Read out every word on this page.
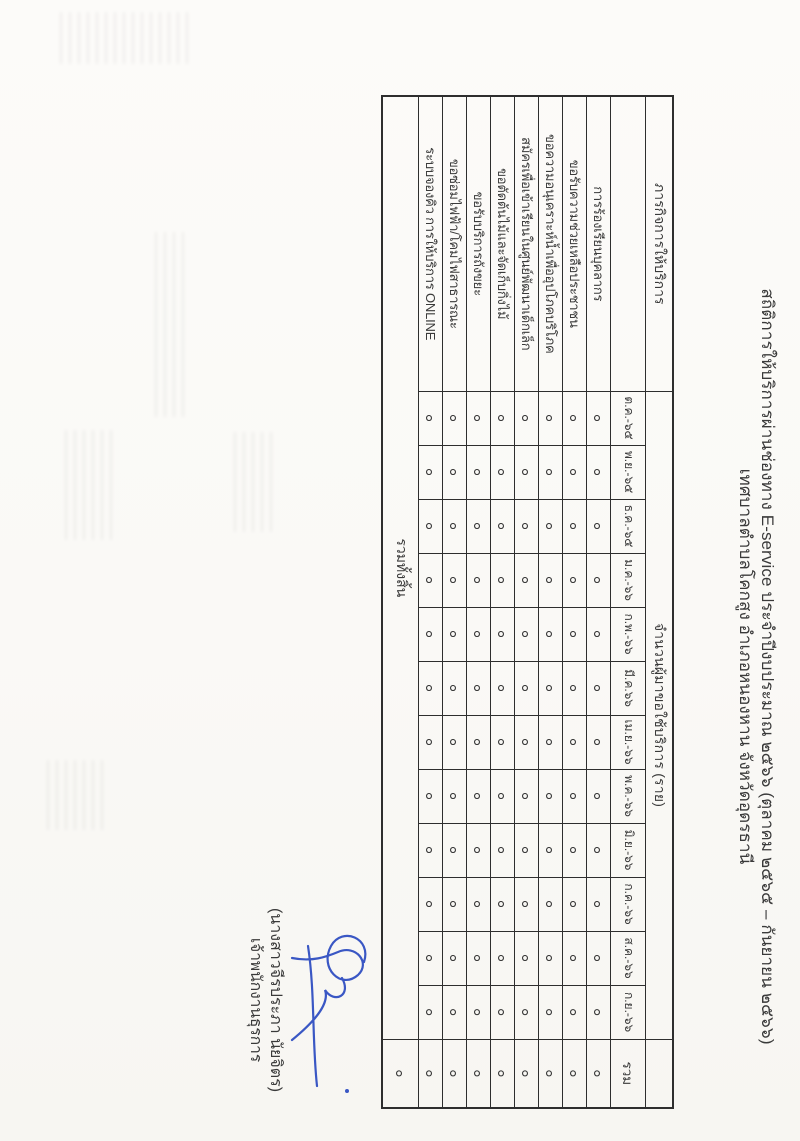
สถิติการให้บริการผ่านช่องทาง E-service ประจำปีงบประมาณ ๒๕๖๖ (ตุลาคม ๒๕๖๕ – กันยายน ๒๕๖๖)
เทศบาลตำบลโคกสูง อำเภอหนองหาน จังหวัดอุดรธานี
ภารกิจการให้บริการ	จำนวนผู้มาขอใช้บริการ (ราย)												
	ต.ค.-๖๕	พ.ย.-๖๕	ธ.ค.-๖๕	ม.ค.-๖๖	ก.พ.-๖๖	มี.ค.๖๖	เม.ย.-๖๖	พ.ค.-๖๖	มิ.ย.-๖๖	ก.ค.-๖๖	ส.ค.-๖๖	ก.ย.-๖๖	รวม
การร้องเรียนบุคลากร	๐	๐	๐	๐	๐	๐	๐	๐	๐	๐	๐	๐	๐
ขอรับความช่วยเหลือประชาชน	๐	๐	๐	๐	๐	๐	๐	๐	๐	๐	๐	๐	๐
ขอความอนุเคราะห์น้ำเพื่ออุปโภคบริโภค	๐	๐	๐	๐	๐	๐	๐	๐	๐	๐	๐	๐	๐
สมัครเพื่อเข้าเรียนในศูนย์พัฒนาเด็กเล็ก	๐	๐	๐	๐	๐	๐	๐	๐	๐	๐	๐	๐	๐
ขอตัดต้นไม้และจัดเก็บกิ่งไม้	๐	๐	๐	๐	๐	๐	๐	๐	๐	๐	๐	๐	๐
ขอรับบริการถังขยะ	๐	๐	๐	๐	๐	๐	๐	๐	๐	๐	๐	๐	๐
ขอซ่อมไฟฟ้า/โคมไฟสาธารณะ	๐	๐	๐	๐	๐	๐	๐	๐	๐	๐	๐	๐	๐
ระบบจองคิว การให้บริการ ONLINE	๐	๐	๐	๐	๐	๐	๐	๐	๐	๐	๐	๐	๐
รวมทั้งสิ้น													๐
(นางสาวจีรประภา นัยจิตร)
เจ้าพนักงานธุรการ
